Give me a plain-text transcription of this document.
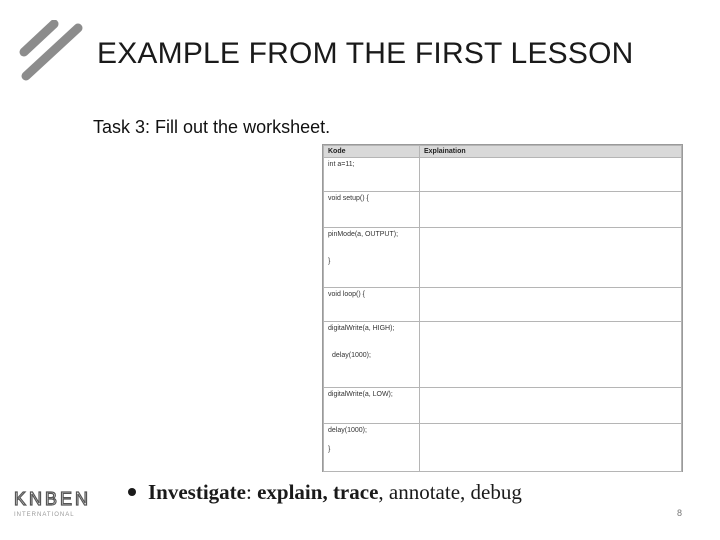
EXAMPLE FROM THE FIRST LESSON
Task 3: Fill out the worksheet.
Kode	Explaination

int a=11;	

void setup() {	

pinMode(a, OUTPUT);
}	

void loop() {	

digitalWrite(a, HIGH);
delay(1000);	

digitalWrite(a, LOW);	

delay(1000);
}	

Investigate: explain, trace, annotate, debug
KNBEN
INTERNATIONAL	8
